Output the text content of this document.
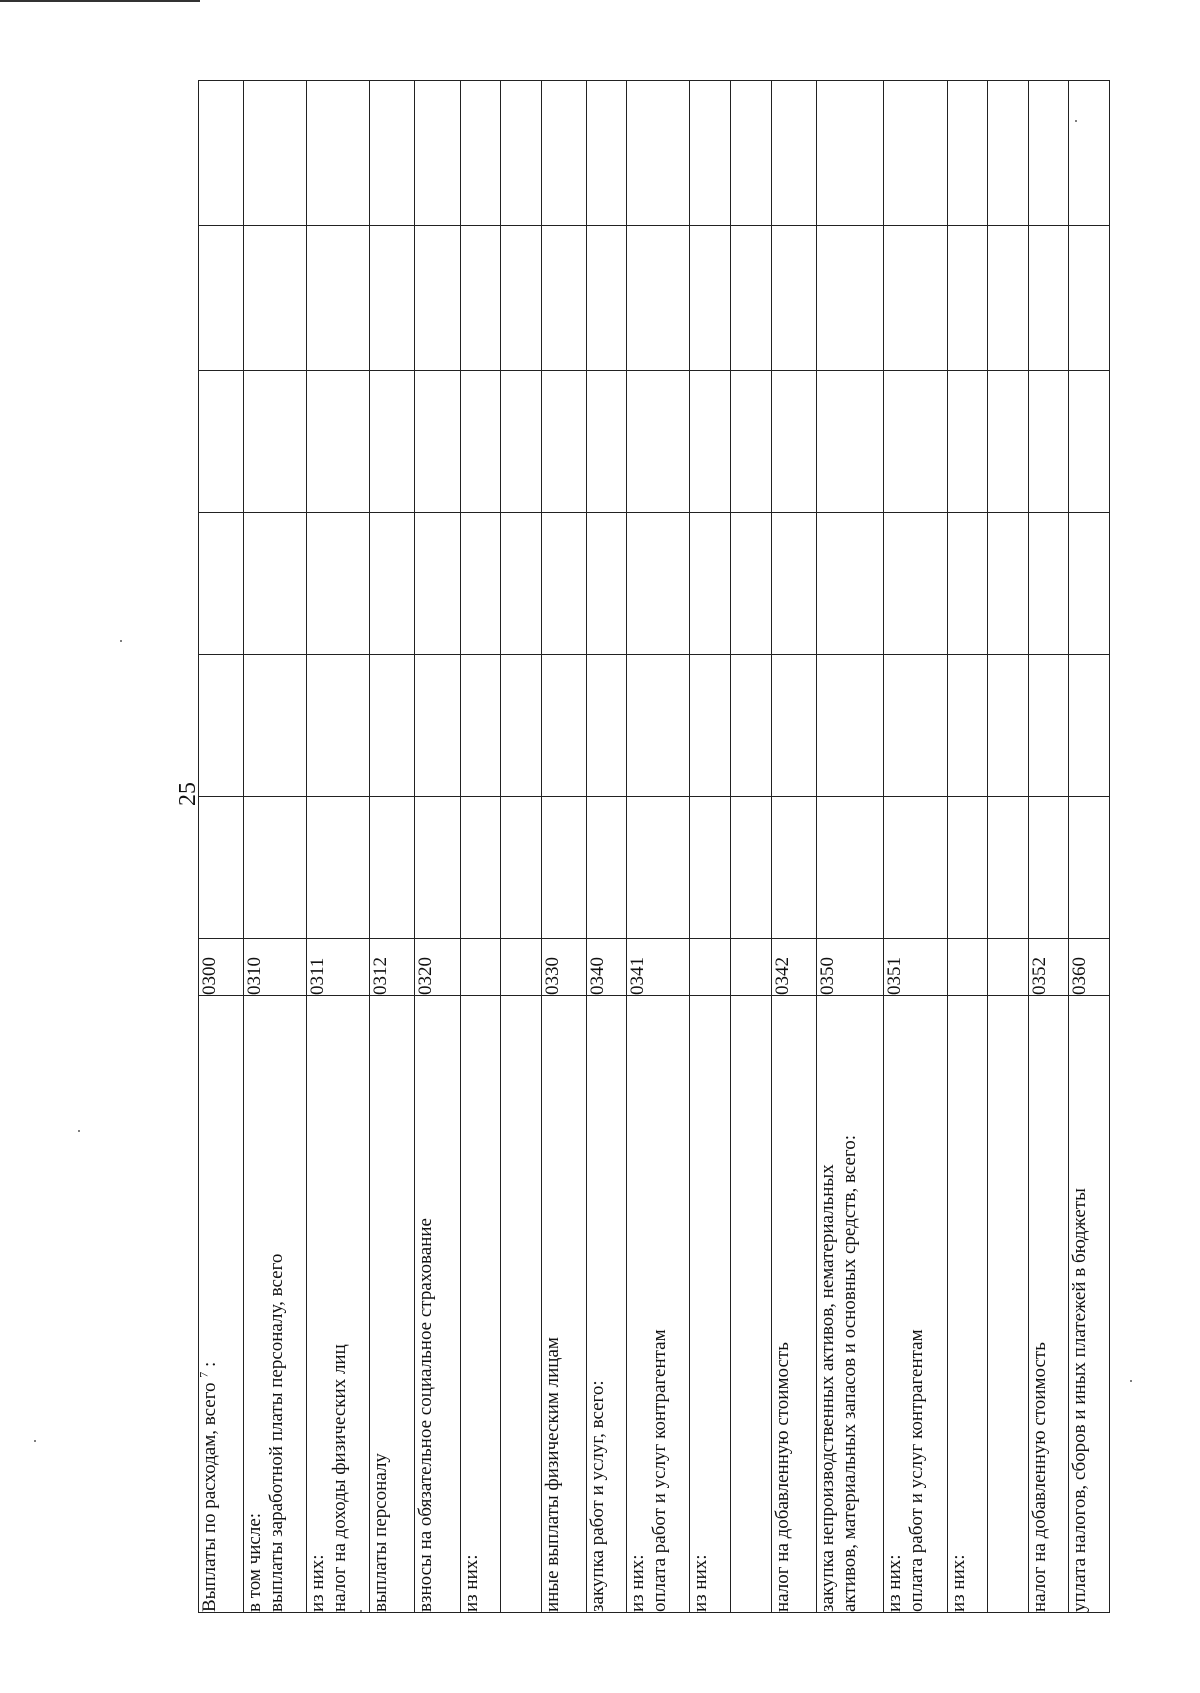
25
Выплаты по расходам, всего $^7$ :	0300						

в том числе: выплаты заработной платы персоналу, всего	0310						

из них: налог на доходы физических лиц	0311						

выплаты персоналу	0312						

взносы на обязательное социальное страхование	0320						

из них:							

иные выплаты физическим лицам	0330						

закупка работ и услуг, всего:	0340						

из них: оплата работ и услуг контрагентам	0341						

из них:							

налог на добавленную стоимость	0342						

закупка непроизводственных активов, нематериальных активов, материальных запасов и основных средств, всего:	0350						

из них: оплата работ и услуг контрагентам	0351						

из них:							

налог на добавленную стоимость	0352						

уплата налогов, сборов и иных платежей в бюджеты	0360						
